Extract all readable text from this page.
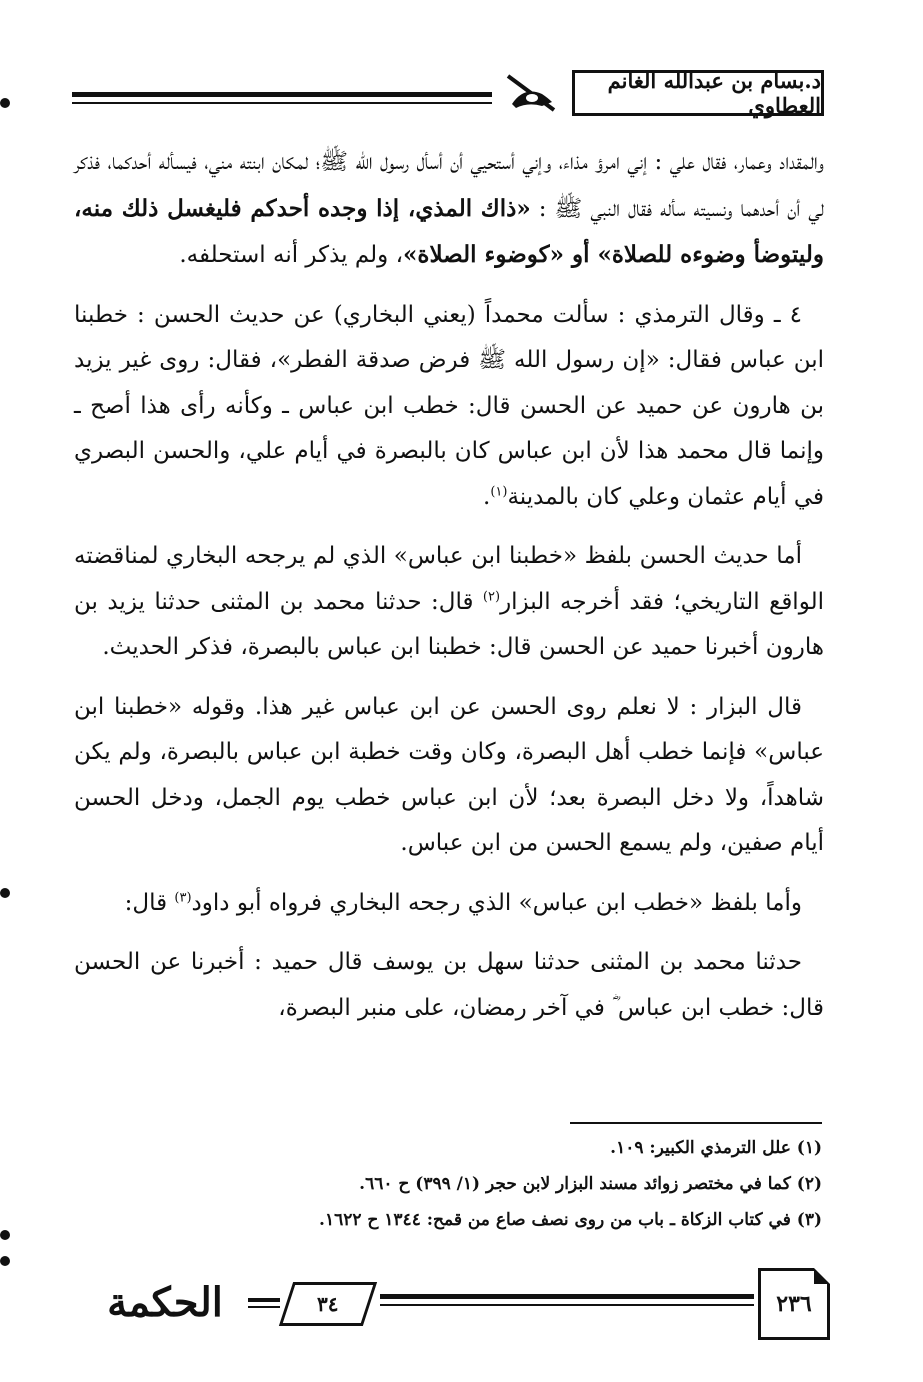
د.بسام بن عبدالله الغانم العطاوي

والمقداد وعمار، فقال علي : إني امرؤ مذاء، وإني أستحيي أن أسأل رسول الله ﷺ؛ لمكان ابنته مني، فيسأله أحدكما، فذكر لي أن أحدهما ونسيته سأله فقال النبي ﷺ : «ذاك المذي، إذا وجده أحدكم فليغسل ذلك منه، وليتوضأ وضوءه للصلاة» أو «كوضوء الصلاة»، ولم يذكر أنه استحلفه.

٤ ـ وقال الترمذي : سألت محمداً (يعني البخاري) عن حديث الحسن : خطبنا ابن عباس فقال: «إن رسول الله ﷺ فرض صدقة الفطر»، فقال: روى غير يزيد بن هارون عن حميد عن الحسن قال: خطب ابن عباس ـ وكأنه رأى هذا أصح ـ وإنما قال محمد هذا لأن ابن عباس كان بالبصرة في أيام علي، والحسن البصري في أيام عثمان وعلي كان بالمدينة$^{(١)}$.

أما حديث الحسن بلفظ «خطبنا ابن عباس» الذي لم يرجحه البخاري لمناقضته الواقع التاريخي؛ فقد أخرجه البزار$^{(٢)}$ قال: حدثنا محمد بن المثنى حدثنا يزيد بن هارون أخبرنا حميد عن الحسن قال: خطبنا ابن عباس بالبصرة، فذكر الحديث.

قال البزار : لا نعلم روى الحسن عن ابن عباس غير هذا. وقوله «خطبنا ابن عباس» فإنما خطب أهل البصرة، وكان وقت خطبة ابن عباس بالبصرة، ولم يكن شاهداً، ولا دخل البصرة بعد؛ لأن ابن عباس خطب يوم الجمل، ودخل الحسن أيام صفين، ولم يسمع الحسن من ابن عباس.

وأما بلفظ «خطب ابن عباس» الذي رجحه البخاري فرواه أبو داود$^{(٣)}$ قال:

حدثنا محمد بن المثنى حدثنا سهل بن يوسف قال حميد : أخبرنا عن الحسن قال: خطب ابن عباس ؓ في آخر رمضان، على منبر البصرة،

(١) علل الترمذي الكبير: ١٠٩.

(٢) كما في مختصر زوائد مسند البزار لابن حجر (١/ ٣٩٩) ح ٦٦٠.

(٣) في كتاب الزكاة ـ باب من روى نصف صاع من قمح: ١٣٤٤ ح ١٦٢٢.

الحكمة	٣٤	٢٣٦
